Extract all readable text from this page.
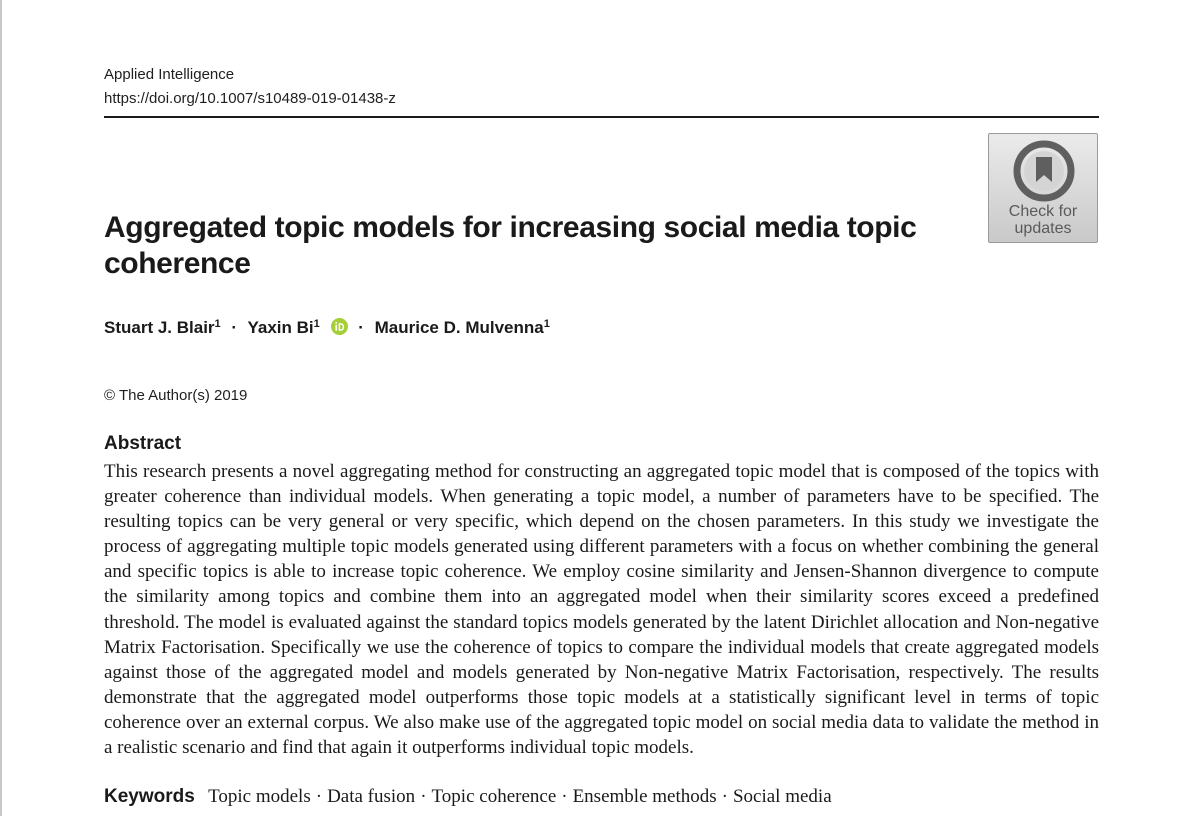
Applied Intelligence
https://doi.org/10.1007/s10489-019-01438-z
Check for
updates
Aggregated topic models for increasing social media topic coherence
Stuart J. Blair$^1$ · Yaxin $Bi^1$ · Maurice D. Mulvenna$^1$
© The Author(s) 2019
Abstract

This research presents a novel aggregating method for constructing an aggregated topic model that is composed of the topics with greater coherence than individual models. When generating a topic model, a number of parameters have to be specified. The resulting topics can be very general or very specific, which depend on the chosen parameters. In this study we investigate the process of aggregating multiple topic models generated using different parameters with a focus on whether combining the general and specific topics is able to increase topic coherence. We employ cosine similarity and Jensen-Shannon divergence to compute the similarity among topics and combine them into an aggregated model when their similarity scores exceed a predefined threshold. The model is evaluated against the standard topics models generated by the latent Dirichlet allocation and Non-negative Matrix Factorisation. Specifically we use the coherence of topics to compare the individual models that create aggregated models against those of the aggregated model and models generated by Non-negative Matrix Factorisation, respectively. The results demonstrate that the aggregated model outperforms those topic models at a statistically significant level in terms of topic coherence over an external corpus. We also make use of the aggregated topic model on social media data to validate the method in a realistic scenario and find that again it outperforms individual topic models.

Keywords Topic models · Data fusion · Topic coherence · Ensemble methods · Social media
